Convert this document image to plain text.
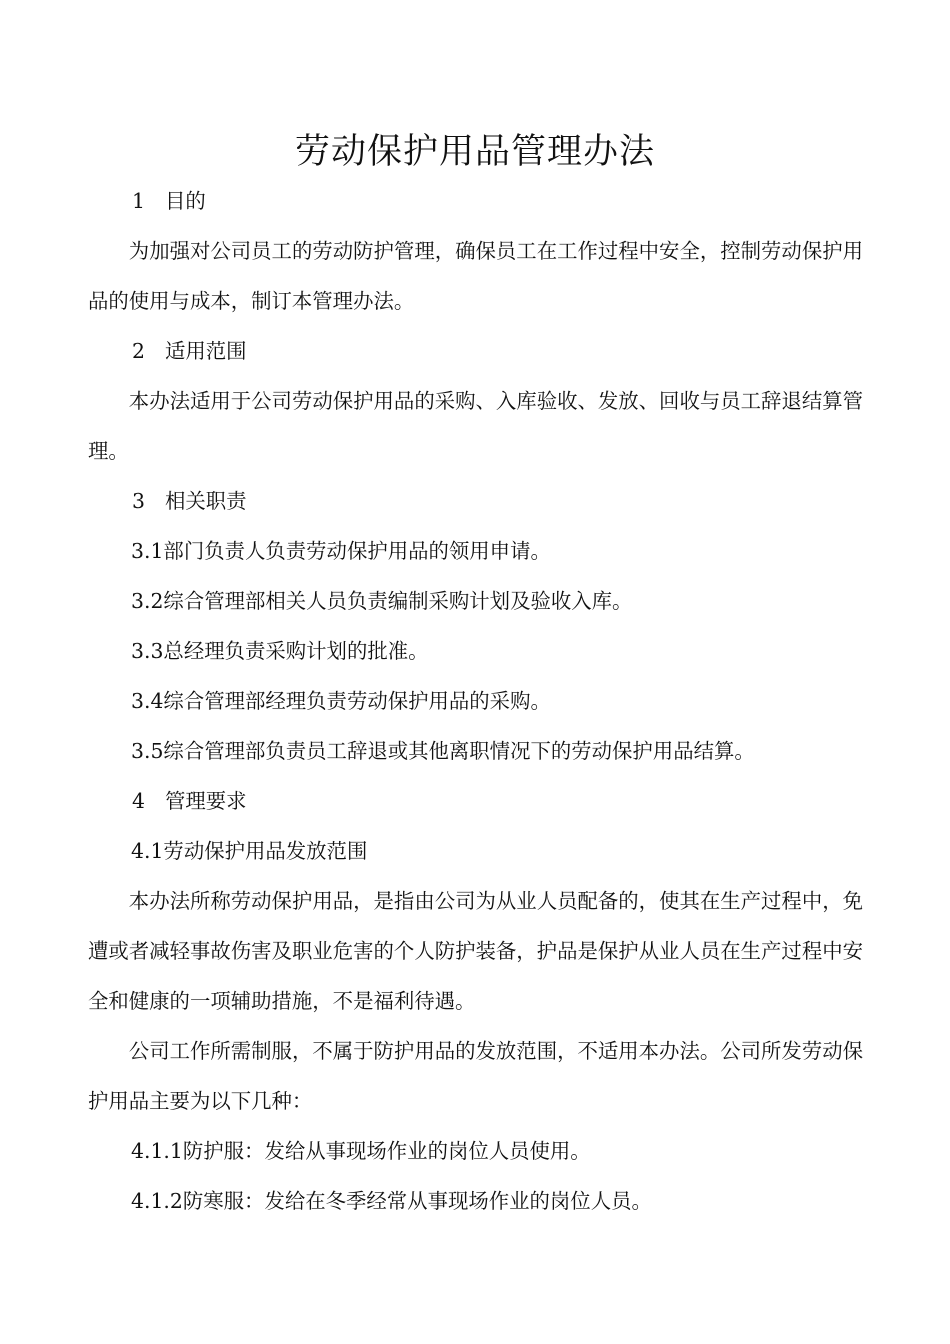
劳动保护用品管理办法
1 目的

为加强对公司员工的劳动防护管理，确保员工在工作过程中安全，控制劳动保护用品的使用与成本，制订本管理办法。

2 适用范围

本办法适用于公司劳动保护用品的采购、入库验收、发放、回收与员工辞退结算管理。

3 相关职责
3.1部门负责人负责劳动保护用品的领用申请。
3.2综合管理部相关人员负责编制采购计划及验收入库。
3.3总经理负责采购计划的批准。
3.4综合管理部经理负责劳动保护用品的采购。
3.5综合管理部负责员工辞退或其他离职情况下的劳动保护用品结算。
4 管理要求
4.1劳动保护用品发放范围

本办法所称劳动保护用品，是指由公司为从业人员配备的，使其在生产过程中，免遭或者减轻事故伤害及职业危害的个人防护装备，护品是保护从业人员在生产过程中安全和健康的一项辅助措施，不是福利待遇。

公司工作所需制服，不属于防护用品的发放范围，不适用本办法。公司所发劳动保护用品主要为以下几种：

4.1.1防护服：发给从事现场作业的岗位人员使用。
4.1.2防寒服：发给在冬季经常从事现场作业的岗位人员。
